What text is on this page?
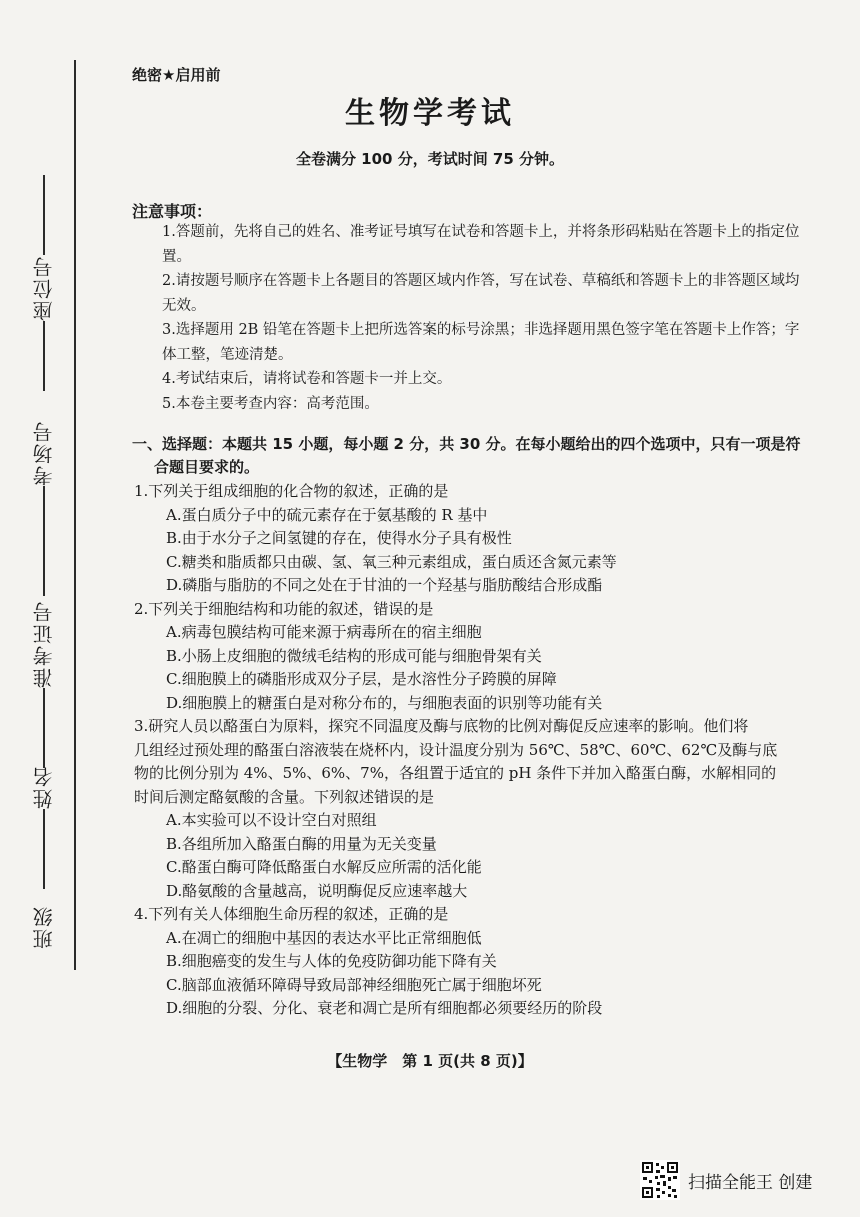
座位号
考场号
准考证号
姓名
班级
绝密★启用前
生物学考试
全卷满分 100 分，考试时间 75 分钟。
注意事项：
1.答题前，先将自己的姓名、准考证号填写在试卷和答题卡上，并将条形码粘贴在答题卡上的指定位置。
2.请按题号顺序在答题卡上各题目的答题区域内作答，写在试卷、草稿纸和答题卡上的非答题区域均无效。
3.选择题用 2B 铅笔在答题卡上把所选答案的标号涂黑；非选择题用黑色签字笔在答题卡上作答；字体工整，笔迹清楚。
4.考试结束后，请将试卷和答题卡一并上交。
5.本卷主要考查内容：高考范围。
一、选择题：本题共 15 小题，每小题 2 分，共 30 分。在每小题给出的四个选项中，只有一项是符
合题目要求的。
1.下列关于组成细胞的化合物的叙述，正确的是
A.蛋白质分子中的硫元素存在于氨基酸的 R 基中
B.由于水分子之间氢键的存在，使得水分子具有极性
C.糖类和脂质都只由碳、氢、氧三种元素组成，蛋白质还含氮元素等
D.磷脂与脂肪的不同之处在于甘油的一个羟基与脂肪酸结合形成酯
2.下列关于细胞结构和功能的叙述，错误的是
A.病毒包膜结构可能来源于病毒所在的宿主细胞
B.小肠上皮细胞的微绒毛结构的形成可能与细胞骨架有关
C.细胞膜上的磷脂形成双分子层，是水溶性分子跨膜的屏障
D.细胞膜上的糖蛋白是对称分布的，与细胞表面的识别等功能有关
3.研究人员以酪蛋白为原料，探究不同温度及酶与底物的比例对酶促反应速率的影响。他们将
几组经过预处理的酪蛋白溶液装在烧杯内，设计温度分别为 56℃、58℃、60℃、62℃及酶与底
物的比例分别为 4%、5%、6%、7%，各组置于适宜的 pH 条件下并加入酪蛋白酶，水解相同的
时间后测定酪氨酸的含量。下列叙述错误的是
A.本实验可以不设计空白对照组
B.各组所加入酪蛋白酶的用量为无关变量
C.酪蛋白酶可降低酪蛋白水解反应所需的活化能
D.酪氨酸的含量越高，说明酶促反应速率越大
4.下列有关人体细胞生命历程的叙述，正确的是
A.在凋亡的细胞中基因的表达水平比正常细胞低
B.细胞癌变的发生与人体的免疫防御功能下降有关
C.脑部血液循环障碍导致局部神经细胞死亡属于细胞坏死
D.细胞的分裂、分化、衰老和凋亡是所有细胞都必须要经历的阶段
【生物学　第 1 页(共 8 页)】
扫描全能王 创建
